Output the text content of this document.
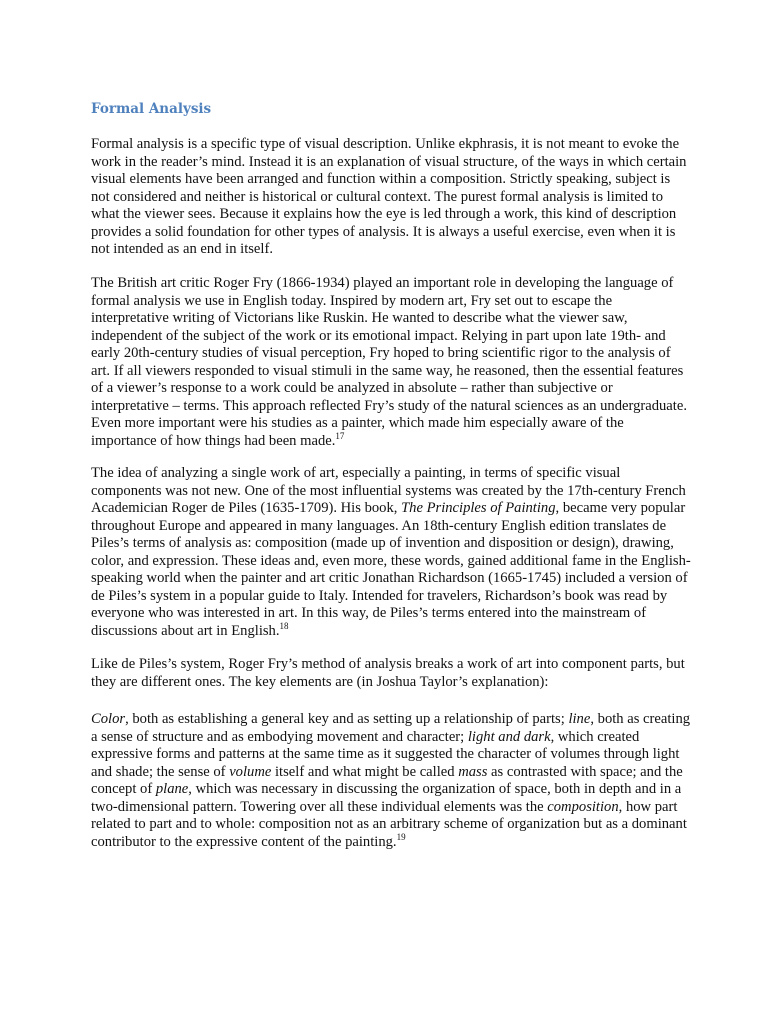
Formal Analysis

Formal analysis is a specific type of visual description. Unlike ekphrasis, it is not meant to evoke the work in the reader’s mind. Instead it is an explanation of visual structure, of the ways in which certain visual elements have been arranged and function within a composition. Strictly speaking, subject is not considered and neither is historical or cultural context. The purest formal analysis is limited to what the viewer sees. Because it explains how the eye is led through a work, this kind of description provides a solid foundation for other types of analysis. It is always a useful exercise, even when it is not intended as an end in itself.

The British art critic Roger Fry (1866-1934) played an important role in developing the language of formal analysis we use in English today. Inspired by modern art, Fry set out to escape the interpretative writing of Victorians like Ruskin. He wanted to describe what the viewer saw, independent of the subject of the work or its emotional impact. Relying in part upon late 19th- and early 20th-century studies of visual perception, Fry hoped to bring scientific rigor to the analysis of art. If all viewers responded to visual stimuli in the same way, he reasoned, then the essential features of a viewer’s response to a work could be analyzed in absolute – rather than subjective or interpretative – terms. This approach reflected Fry’s study of the natural sciences as an undergraduate. Even more important were his studies as a painter, which made him especially aware of the importance of how things had been made.$^{17}$

The idea of analyzing a single work of art, especially a painting, in terms of specific visual components was not new. One of the most influential systems was created by the 17th-century French Academician Roger de Piles (1635-1709). His book, The Principles of Painting, became very popular throughout Europe and appeared in many languages. An 18th-century English edition translates de Piles’s terms of analysis as: composition (made up of invention and disposition or design), drawing, color, and expression. These ideas and, even more, these words, gained additional fame in the English-speaking world when the painter and art critic Jonathan Richardson (1665-1745) included a version of de Piles’s system in a popular guide to Italy. Intended for travelers, Richardson’s book was read by everyone who was interested in art. In this way, de Piles’s terms entered into the mainstream of discussions about art in English.$^{18}$

Like de Piles’s system, Roger Fry’s method of analysis breaks a work of art into component parts, but they are different ones. The key elements are (in Joshua Taylor’s explanation):

Color, both as establishing a general key and as setting up a relationship of parts; line, both as creating a sense of structure and as embodying movement and character; light and dark, which created expressive forms and patterns at the same time as it suggested the character of volumes through light and shade; the sense of volume itself and what might be called mass as contrasted with space; and the concept of plane, which was necessary in discussing the organization of space, both in depth and in a two-dimensional pattern. Towering over all these individual elements was the composition, how part related to part and to whole: composition not as an arbitrary scheme of organization but as a dominant contributor to the expressive content of the painting.$^{19}$
